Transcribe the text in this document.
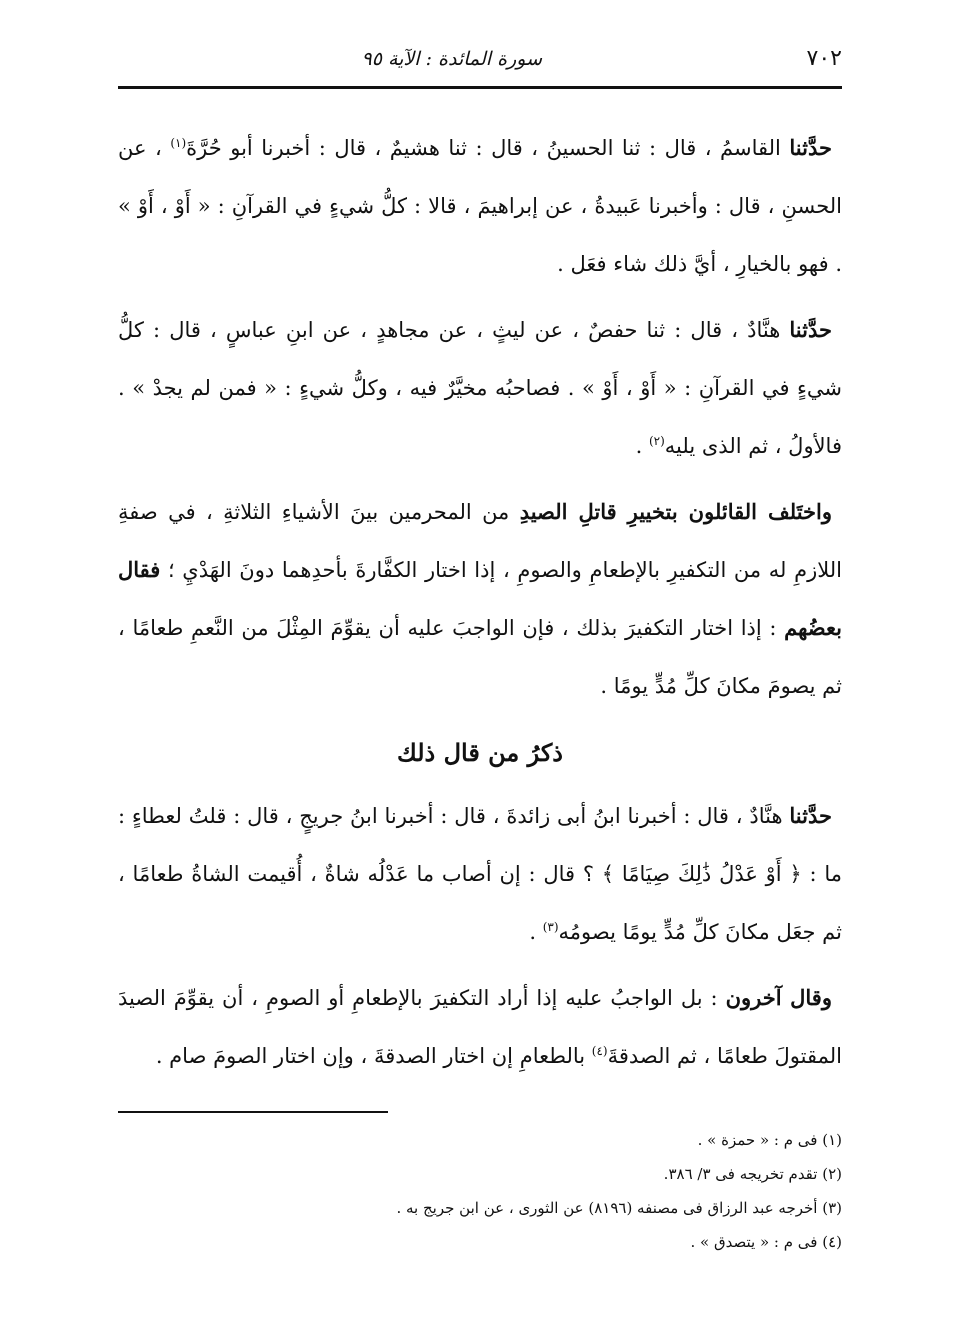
٧٠٢
سورة المائدة : الآية ٩٥

حدَّثنا القاسمُ ، قال : ثنا الحسينُ ، قال : ثنا هشيمٌ ، قال : أخبرنا أبو حُرَّةَ$^{(١)}$ ، عن الحسنِ ، قال : وأخبرنا عَبيدةُ ، عن إبراهيمَ ، قالا : كلُّ شيءٍ في القرآنِ : « أَوْ ، أَوْ » . فهو بالخيارِ ، أيَّ ذلك شاء فعَل .

حدَّثنا هنَّادٌ ، قال : ثنا حفصٌ ، عن ليثٍ ، عن مجاهدٍ ، عن ابنِ عباسٍ ، قال : كلُّ شيءٍ في القرآنِ : « أَوْ ، أَوْ » . فصاحبُه مخيَّرٌ فيه ، وكلُّ شيءٍ : « فمن لم يجدْ » . فالأولُ ، ثم الذى يليه$^{(٢)}$ .

واختَلف القائلون بتخييرِ قاتلِ الصيدِ من المحرمين بينَ الأشياءِ الثلاثةِ ، في صفةِ اللازمِ له من التكفيرِ بالإطعامِ والصومِ ، إذا اختار الكفَّارةَ بأحدِهما دونَ الهَدْيِ ؛ فقال بعضُهم : إذا اختار التكفيرَ بذلك ، فإن الواجبَ عليه أن يقوِّمَ المِثْلَ من النَّعمِ طعامًا ، ثم يصومَ مكانَ كلِّ مُدٍّ يومًا .

ذكرُ من قال ذلك

حدَّثنا هنَّادٌ ، قال : أخبرنا ابنُ أبى زائدةَ ، قال : أخبرنا ابنُ جريجٍ ، قال : قلتُ لعطاءٍ : ما : ﴿ أَوْ عَدْلُ ذَٰلِكَ صِيَامًا ﴾ ؟ قال : إن أصاب ما عَدْلُه شاةٌ ، أُقيمت الشاةُ طعامًا ، ثم جعَل مكانَ كلِّ مُدٍّ يومًا يصومُه$^{(٣)}$ .

وقال آخرون : بل الواجبُ عليه إذا أراد التكفيرَ بالإطعامِ أو الصومِ ، أن يقوِّمَ الصيدَ المقتولَ طعامًا ، ثم الصدقةَ$^{(٤)}$ بالطعامِ إن اختار الصدقةَ ، وإن اختار الصومَ صام .

(١) فى م : « حمزة » .

(٢) تقدم تخريجه فى ٣/ ٣٨٦.

(٣) أخرجه عبد الرزاق فى مصنفه (٨١٩٦) عن الثورى ، عن ابن جريج به .

(٤) فى م : « يتصدق » .
